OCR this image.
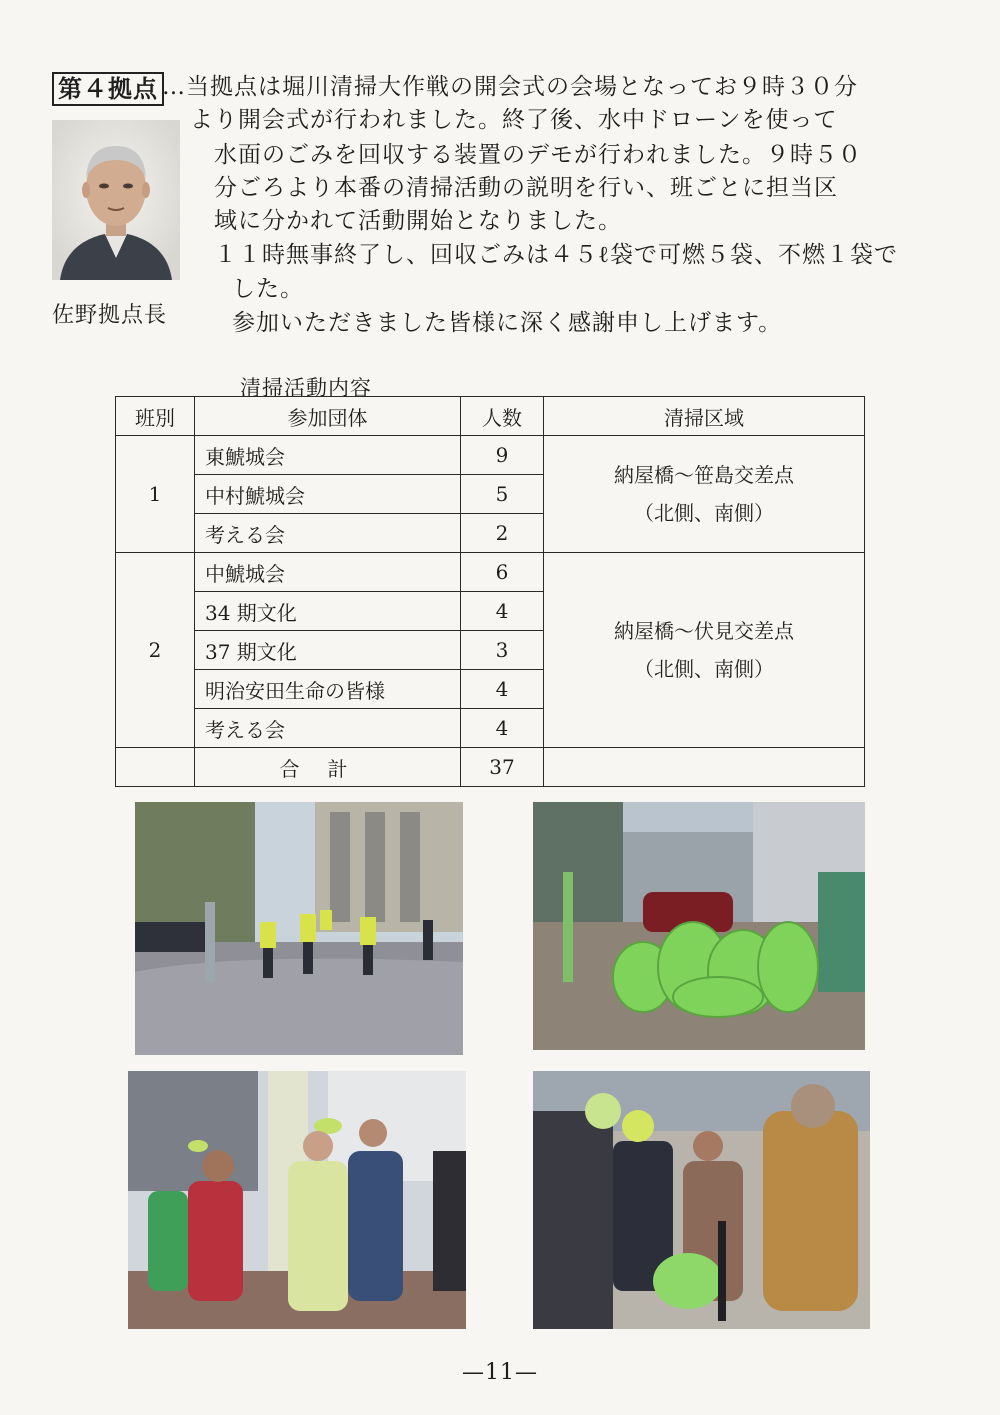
第４拠点 …当拠点は堀川清掃大作戦の開会式の会場となってお９時３０分
より開会式が行われました。終了後、水中ドローンを使って
水面のごみを回収する装置のデモが行われました。９時５０
分ごろより本番の清掃活動の説明を行い、班ごとに担当区
域に分かれて活動開始となりました。
１１時無事終了し、回収ごみは４５ℓ袋で可燃５袋、不燃１袋で
した。
参加いただきました皆様に深く感謝申し上げます。
佐野拠点長
清掃活動内容
班別	参加団体	人数	清掃区域
1	東鯱城会	9	納屋橋～笹島交差点
（北側、南側）

	中村鯱城会	5	
	考える会	2	
2	中鯱城会	6	納屋橋～伏見交差点
（北側、南側）

	34 期文化	4	
	37 期文化	3	
	明治安田生命の皆様	4	
	考える会	4	
	合計	37	
—11—
